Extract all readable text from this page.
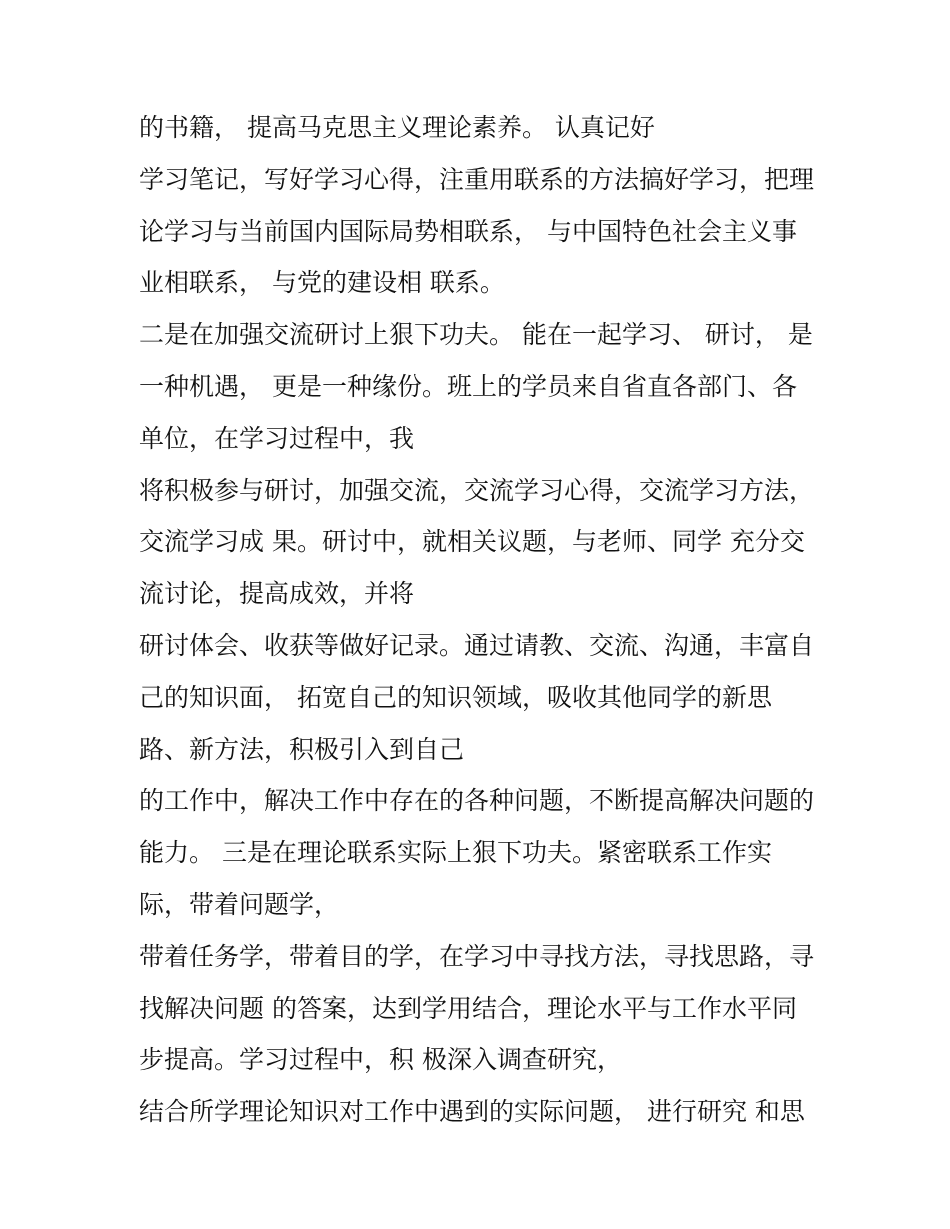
的书籍， 提高马克思主义理论素养。 认真记好
学习笔记，写好学习心得，注重用联系的方法搞好学习，把理
论学习与当前国内国际局势相联系， 与中国特色社会主义事
业相联系， 与党的建设相 联系。
二是在加强交流研讨上狠下功夫。 能在一起学习、 研讨， 是
一种机遇， 更是一种缘份。班上的学员来自省直各部门、各
单位，在学习过程中，我
将积极参与研讨，加强交流，交流学习心得，交流学习方法，
交流学习成 果。研讨中，就相关议题，与老师、同学 充分交
流讨论，提高成效，并将
研讨体会、收获等做好记录。通过请教、交流、沟通，丰富自
己的知识面， 拓宽自己的知识领域，吸收其他同学的新思
路、新方法，积极引入到自己
的工作中，解决工作中存在的各种问题，不断提高解决问题的
能力。 三是在理论联系实际上狠下功夫。紧密联系工作实
际，带着问题学，
带着任务学，带着目的学，在学习中寻找方法，寻找思路，寻
找解决问题 的答案，达到学用结合，理论水平与工作水平同
步提高。学习过程中，积 极深入调查研究，
结合所学理论知识对工作中遇到的实际问题， 进行研究 和思
